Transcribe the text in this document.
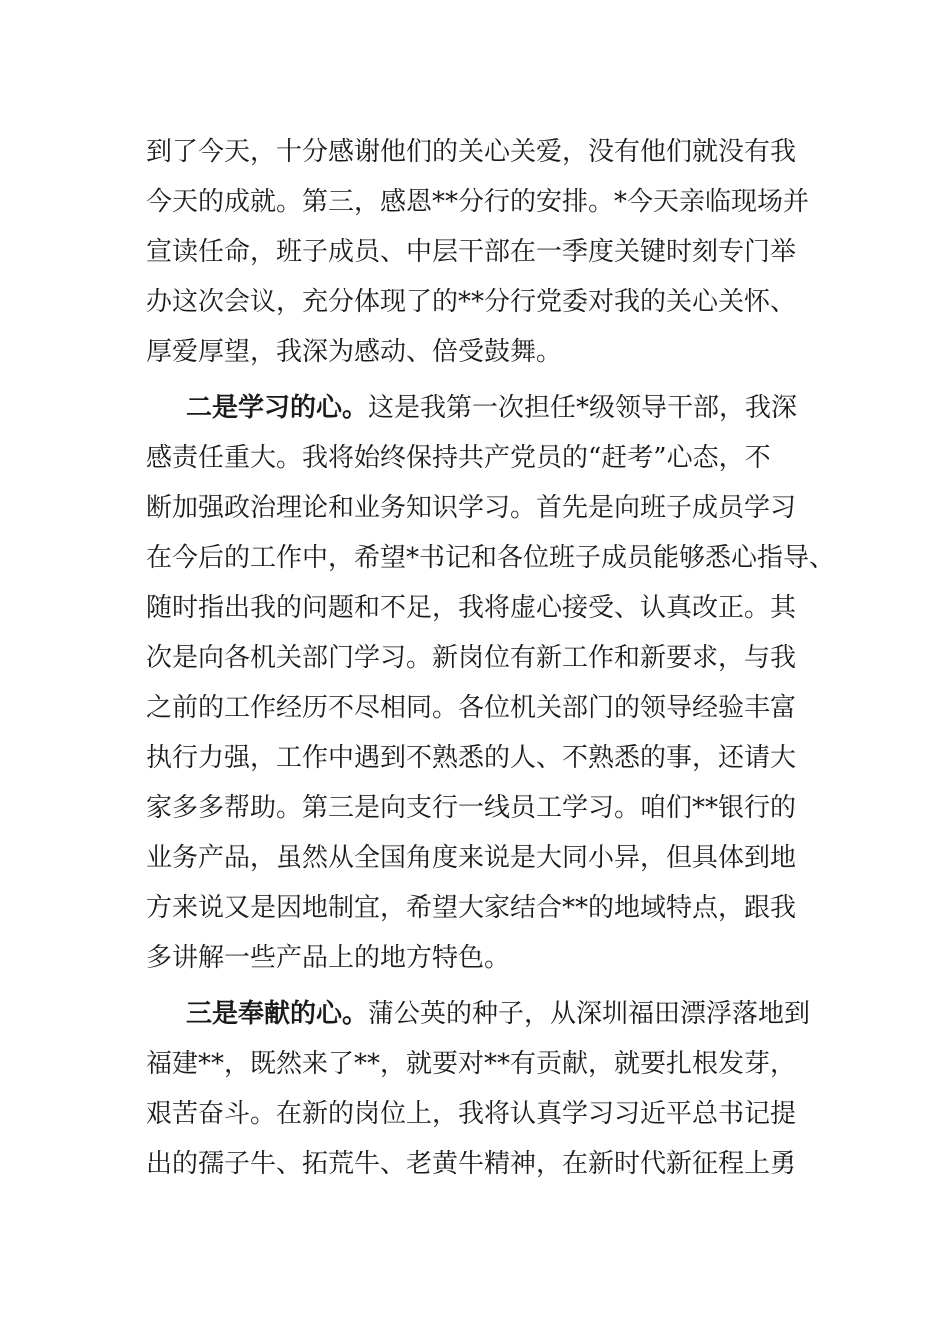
到了今天，十分感谢他们的关心关爱，没有他们就没有我
今天的成就。第三，感恩**分行的安排。*今天亲临现场并
宣读任命，班子成员、中层干部在一季度关键时刻专门举
办这次会议，充分体现了的**分行党委对我的关心关怀、
厚爱厚望，我深为感动、倍受鼓舞。
二是学习的心。这是我第一次担任*级领导干部，我深
感责任重大。我将始终保持共产党员的“赶考”心态，不
断加强政治理论和业务知识学习。首先是向班子成员学习
在今后的工作中，希望*书记和各位班子成员能够悉心指导、
随时指出我的问题和不足，我将虚心接受、认真改正。其
次是向各机关部门学习。新岗位有新工作和新要求，与我
之前的工作经历不尽相同。各位机关部门的领导经验丰富
执行力强，工作中遇到不熟悉的人、不熟悉的事，还请大
家多多帮助。第三是向支行一线员工学习。咱们**银行的
业务产品，虽然从全国角度来说是大同小异，但具体到地
方来说又是因地制宜，希望大家结合**的地域特点，跟我
多讲解一些产品上的地方特色。
三是奉献的心。蒲公英的种子，从深圳福田漂浮落地到
福建**，既然来了**，就要对**有贡献，就要扎根发芽，
艰苦奋斗。在新的岗位上，我将认真学习习近平总书记提
出的孺子牛、拓荒牛、老黄牛精神，在新时代新征程上勇
